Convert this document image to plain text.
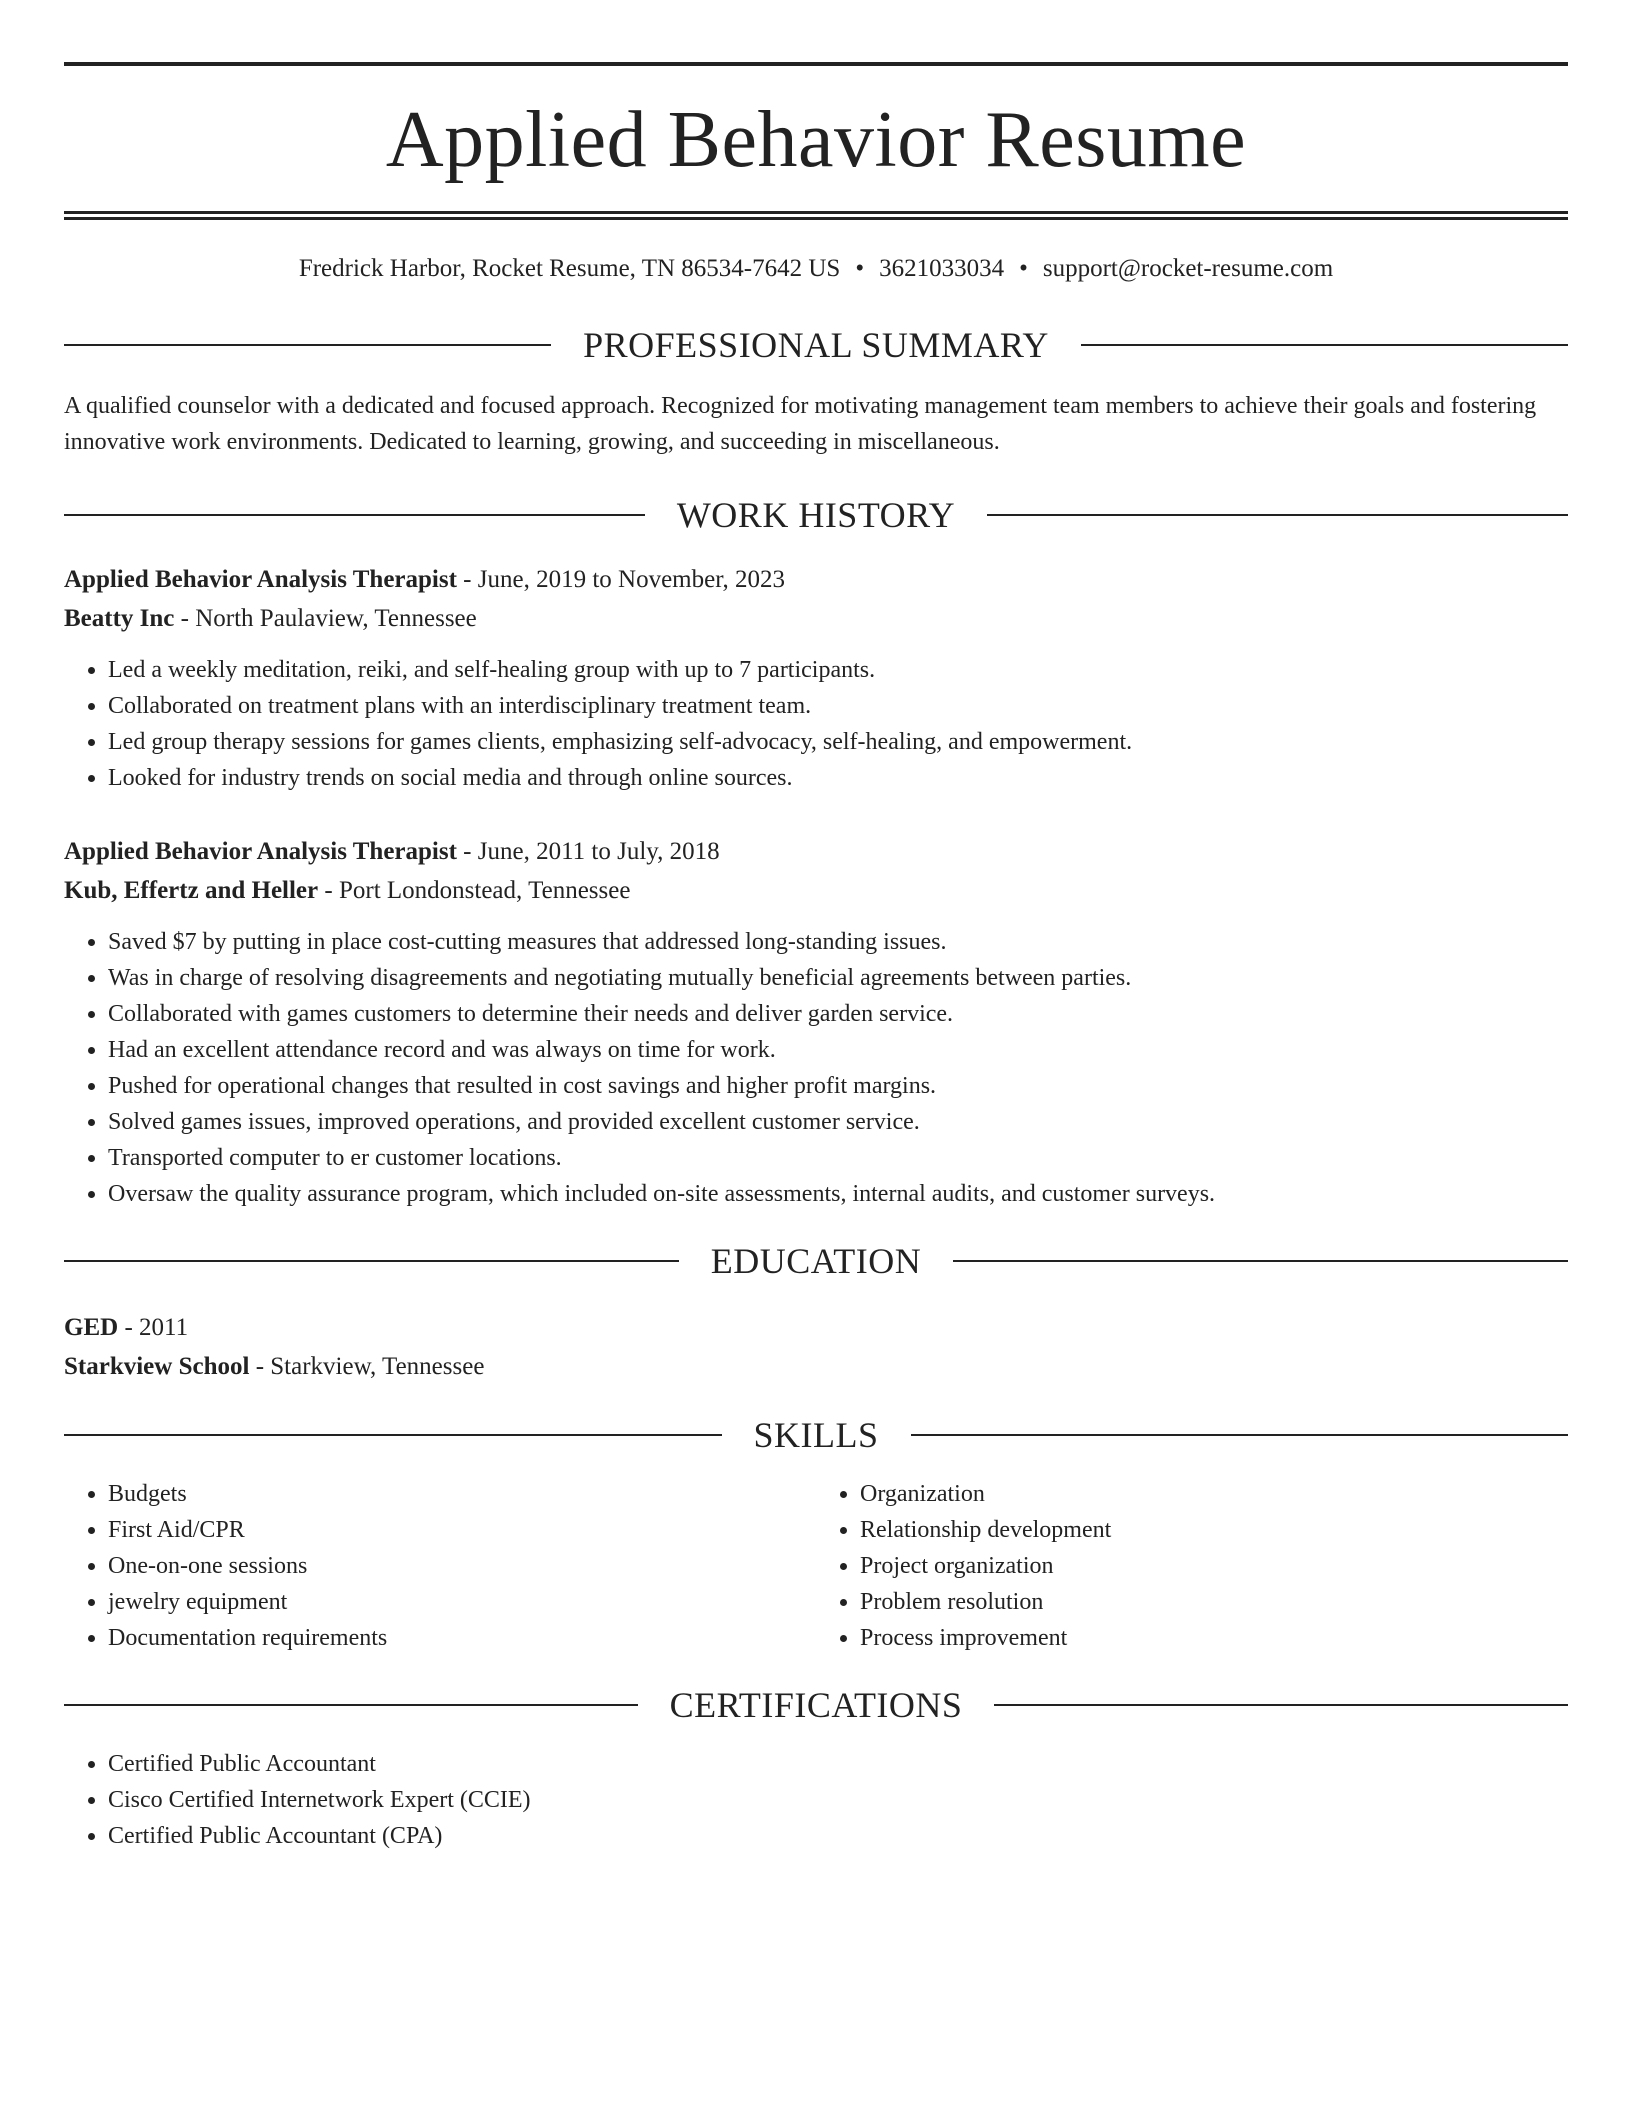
Applied Behavior Resume
Fredrick Harbor, Rocket Resume, TN 86534-7642 US • 3621033034 • support@rocket-resume.com
PROFESSIONAL SUMMARY
A qualified counselor with a dedicated and focused approach. Recognized for motivating management team members to achieve their goals and fostering innovative work environments. Dedicated to learning, growing, and succeeding in miscellaneous.
WORK HISTORY
Applied Behavior Analysis Therapist - June, 2019 to November, 2023
Beatty Inc - North Paulaview, Tennessee
• Led a weekly meditation, reiki, and self-healing group with up to 7 participants.
• Collaborated on treatment plans with an interdisciplinary treatment team.
• Led group therapy sessions for games clients, emphasizing self-advocacy, self-healing, and empowerment.
• Looked for industry trends on social media and through online sources.
Applied Behavior Analysis Therapist - June, 2011 to July, 2018
Kub, Effertz and Heller - Port Londonstead, Tennessee
• Saved $7 by putting in place cost-cutting measures that addressed long-standing issues.
• Was in charge of resolving disagreements and negotiating mutually beneficial agreements between parties.
• Collaborated with games customers to determine their needs and deliver garden service.
• Had an excellent attendance record and was always on time for work.
• Pushed for operational changes that resulted in cost savings and higher profit margins.
• Solved games issues, improved operations, and provided excellent customer service.
• Transported computer to er customer locations.
• Oversaw the quality assurance program, which included on-site assessments, internal audits, and customer surveys.
EDUCATION
GED - 2011
Starkview School - Starkview, Tennessee
SKILLS
• Budgets
• First Aid/CPR
• One-on-one sessions
• jewelry equipment
• Documentation requirements
• Organization
• Relationship development
• Project organization
• Problem resolution
• Process improvement
CERTIFICATIONS
• Certified Public Accountant
• Cisco Certified Internetwork Expert (CCIE)
• Certified Public Accountant (CPA)
